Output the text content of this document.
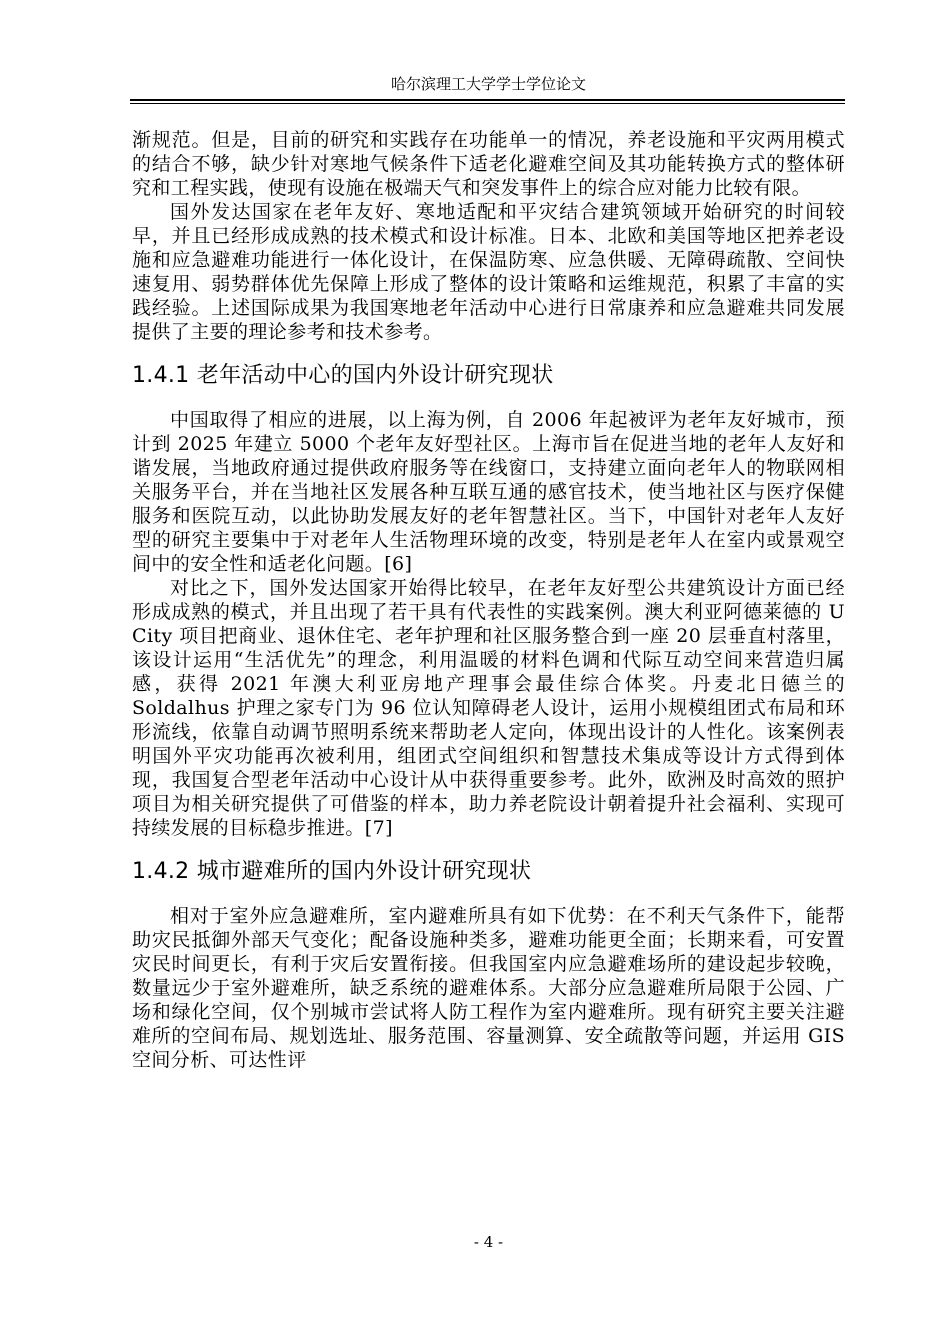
哈尔滨理工大学学士学位论文

渐规范。但是，目前的研究和实践存在功能单一的情况，养老设施和平灾两用模式的结合不够，缺少针对寒地气候条件下适老化避难空间及其功能转换方式的整体研究和工程实践，使现有设施在极端天气和突发事件上的综合应对能力比较有限。

国外发达国家在老年友好、寒地适配和平灾结合建筑领域开始研究的时间较早，并且已经形成成熟的技术模式和设计标准。日本、北欧和美国等地区把养老设施和应急避难功能进行一体化设计，在保温防寒、应急供暖、无障碍疏散、空间快速复用、弱势群体优先保障上形成了整体的设计策略和运维规范，积累了丰富的实践经验。上述国际成果为我国寒地老年活动中心进行日常康养和应急避难共同发展提供了主要的理论参考和技术参考。

1.4.1 老年活动中心的国内外设计研究现状

中国取得了相应的进展，以上海为例，自 2006 年起被评为老年友好城市，预计到 2025 年建立 5000 个老年友好型社区。上海市旨在促进当地的老年人友好和谐发展，当地政府通过提供政府服务等在线窗口，支持建立面向老年人的物联网相关服务平台，并在当地社区发展各种互联互通的感官技术，使当地社区与医疗保健服务和医院互动，以此协助发展友好的老年智慧社区。当下，中国针对老年人友好型的研究主要集中于对老年人生活物理环境的改变，特别是老年人在室内或景观空间中的安全性和适老化问题。[6]

对比之下，国外发达国家开始得比较早，在老年友好型公共建筑设计方面已经形成成熟的模式，并且出现了若干具有代表性的实践案例。澳大利亚阿德莱德的 U City 项目把商业、退休住宅、老年护理和社区服务整合到一座 20 层垂直村落里，该设计运用“生活优先”的理念，利用温暖的材料色调和代际互动空间来营造归属感，获得 2021 年澳大利亚房地产理事会最佳综合体奖。丹麦北日德兰的 Soldalhus 护理之家专门为 96 位认知障碍老人设计，运用小规模组团式布局和环形流线，依靠自动调节照明系统来帮助老人定向，体现出设计的人性化。该案例表明国外平灾功能再次被利用，组团式空间组织和智慧技术集成等设计方式得到体现，我国复合型老年活动中心设计从中获得重要参考。此外，欧洲及时高效的照护项目为相关研究提供了可借鉴的样本，助力养老院设计朝着提升社会福利、实现可持续发展的目标稳步推进。[7]

1.4.2 城市避难所的国内外设计研究现状

相对于室外应急避难所，室内避难所具有如下优势：在不利天气条件下，能帮助灾民抵御外部天气变化；配备设施种类多，避难功能更全面；长期来看，可安置灾民时间更长，有利于灾后安置衔接。但我国室内应急避难场所的建设起步较晚，数量远少于室外避难所，缺乏系统的避难体系。大部分应急避难所局限于公园、广场和绿化空间，仅个别城市尝试将人防工程作为室内避难所。现有研究主要关注避难所的空间布局、规划选址、服务范围、容量测算、安全疏散等问题，并运用 GIS 空间分析、可达性评

- 4 -
